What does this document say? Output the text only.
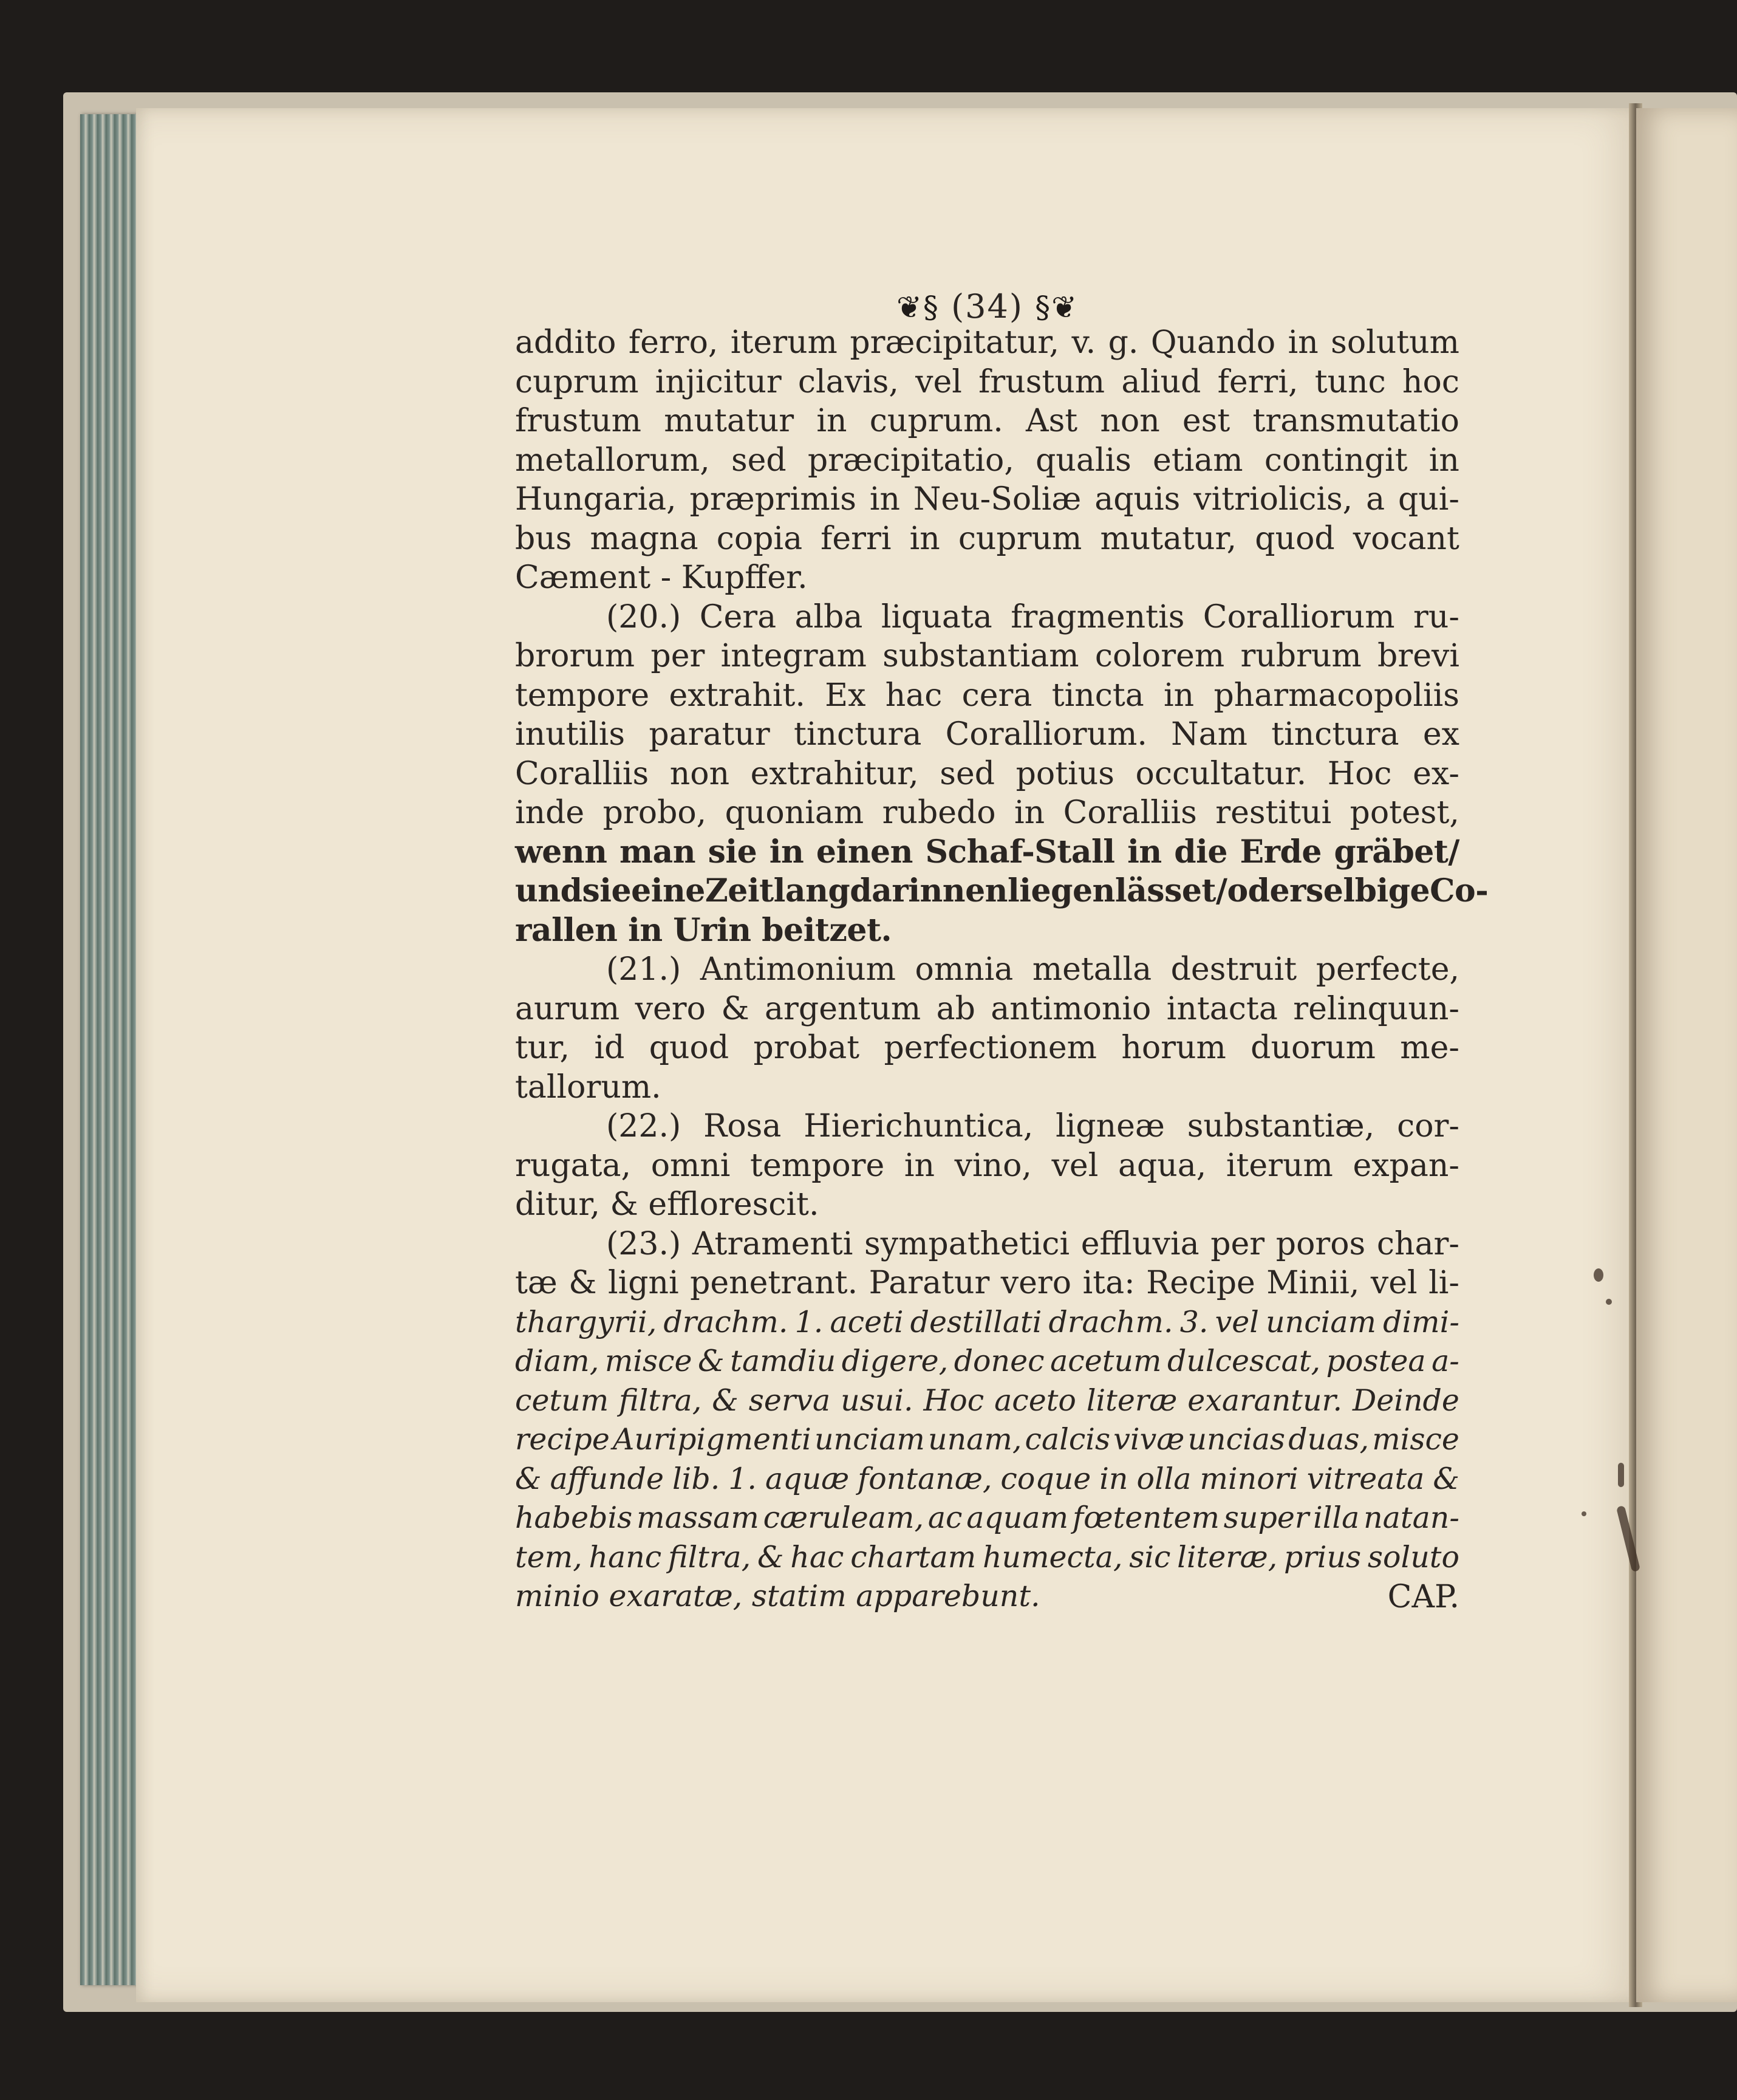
❦§ (34) §❦
addito ferro, iterum præcipitatur, v. g. Quando in solutum
cuprum injicitur clavis, vel frustum aliud ferri, tunc hoc
frustum mutatur in cuprum. Ast non est transmutatio
metallorum, sed præcipitatio, qualis etiam contingit in
Hungaria, præprimis in Neu-Soliæ aquis vitriolicis, a qui-
bus magna copia ferri in cuprum mutatur, quod vocant
Cæment - Kupffer.
(20.) Cera alba liquata fragmentis Coralliorum ru-
brorum per integram substantiam colorem rubrum brevi
tempore extrahit. Ex hac cera tincta in pharmacopoliis
inutilis paratur tinctura Coralliorum. Nam tinctura ex
Coralliis non extrahitur, sed potius occultatur. Hoc ex-
inde probo, quoniam rubedo in Coralliis restitui potest,
wenn man sie in einen Schaf-Stall in die Erde gräbet/
und sie eine Zeitlang darinnen liegen lässet/ oder selbige Co-
rallen in Urin beitzet.
(21.) Antimonium omnia metalla destruit perfecte,
aurum vero & argentum ab antimonio intacta relinquun-
tur, id quod probat perfectionem horum duorum me-
tallorum.
(22.) Rosa Hierichuntica, ligneæ substantiæ, cor-
rugata, omni tempore in vino, vel aqua, iterum expan-
ditur, & efflorescit.
(23.) Atramenti sympathetici effluvia per poros char-
tæ & ligni penetrant. Paratur vero ita: Recipe Minii, vel li-
thargyrii, drachm. 1. aceti destillati drachm. 3. vel unciam dimi-
diam, misce & tamdiu digere, donec acetum dulcescat, postea a-
cetum filtra, & serva usui. Hoc aceto literæ exarantur. Deinde
recipe Auripigmenti unciam unam, calcis vivæ uncias duas, misce
& affunde lib. 1. aquæ fontanæ, coque in olla minori vitreata &
habebis massam cæruleam, ac aquam fœtentem super illa natan-
tem, hanc filtra, & hac chartam humecta, sic literæ, prius soluto
minio exaratæ, statim apparebunt.	CAP.
